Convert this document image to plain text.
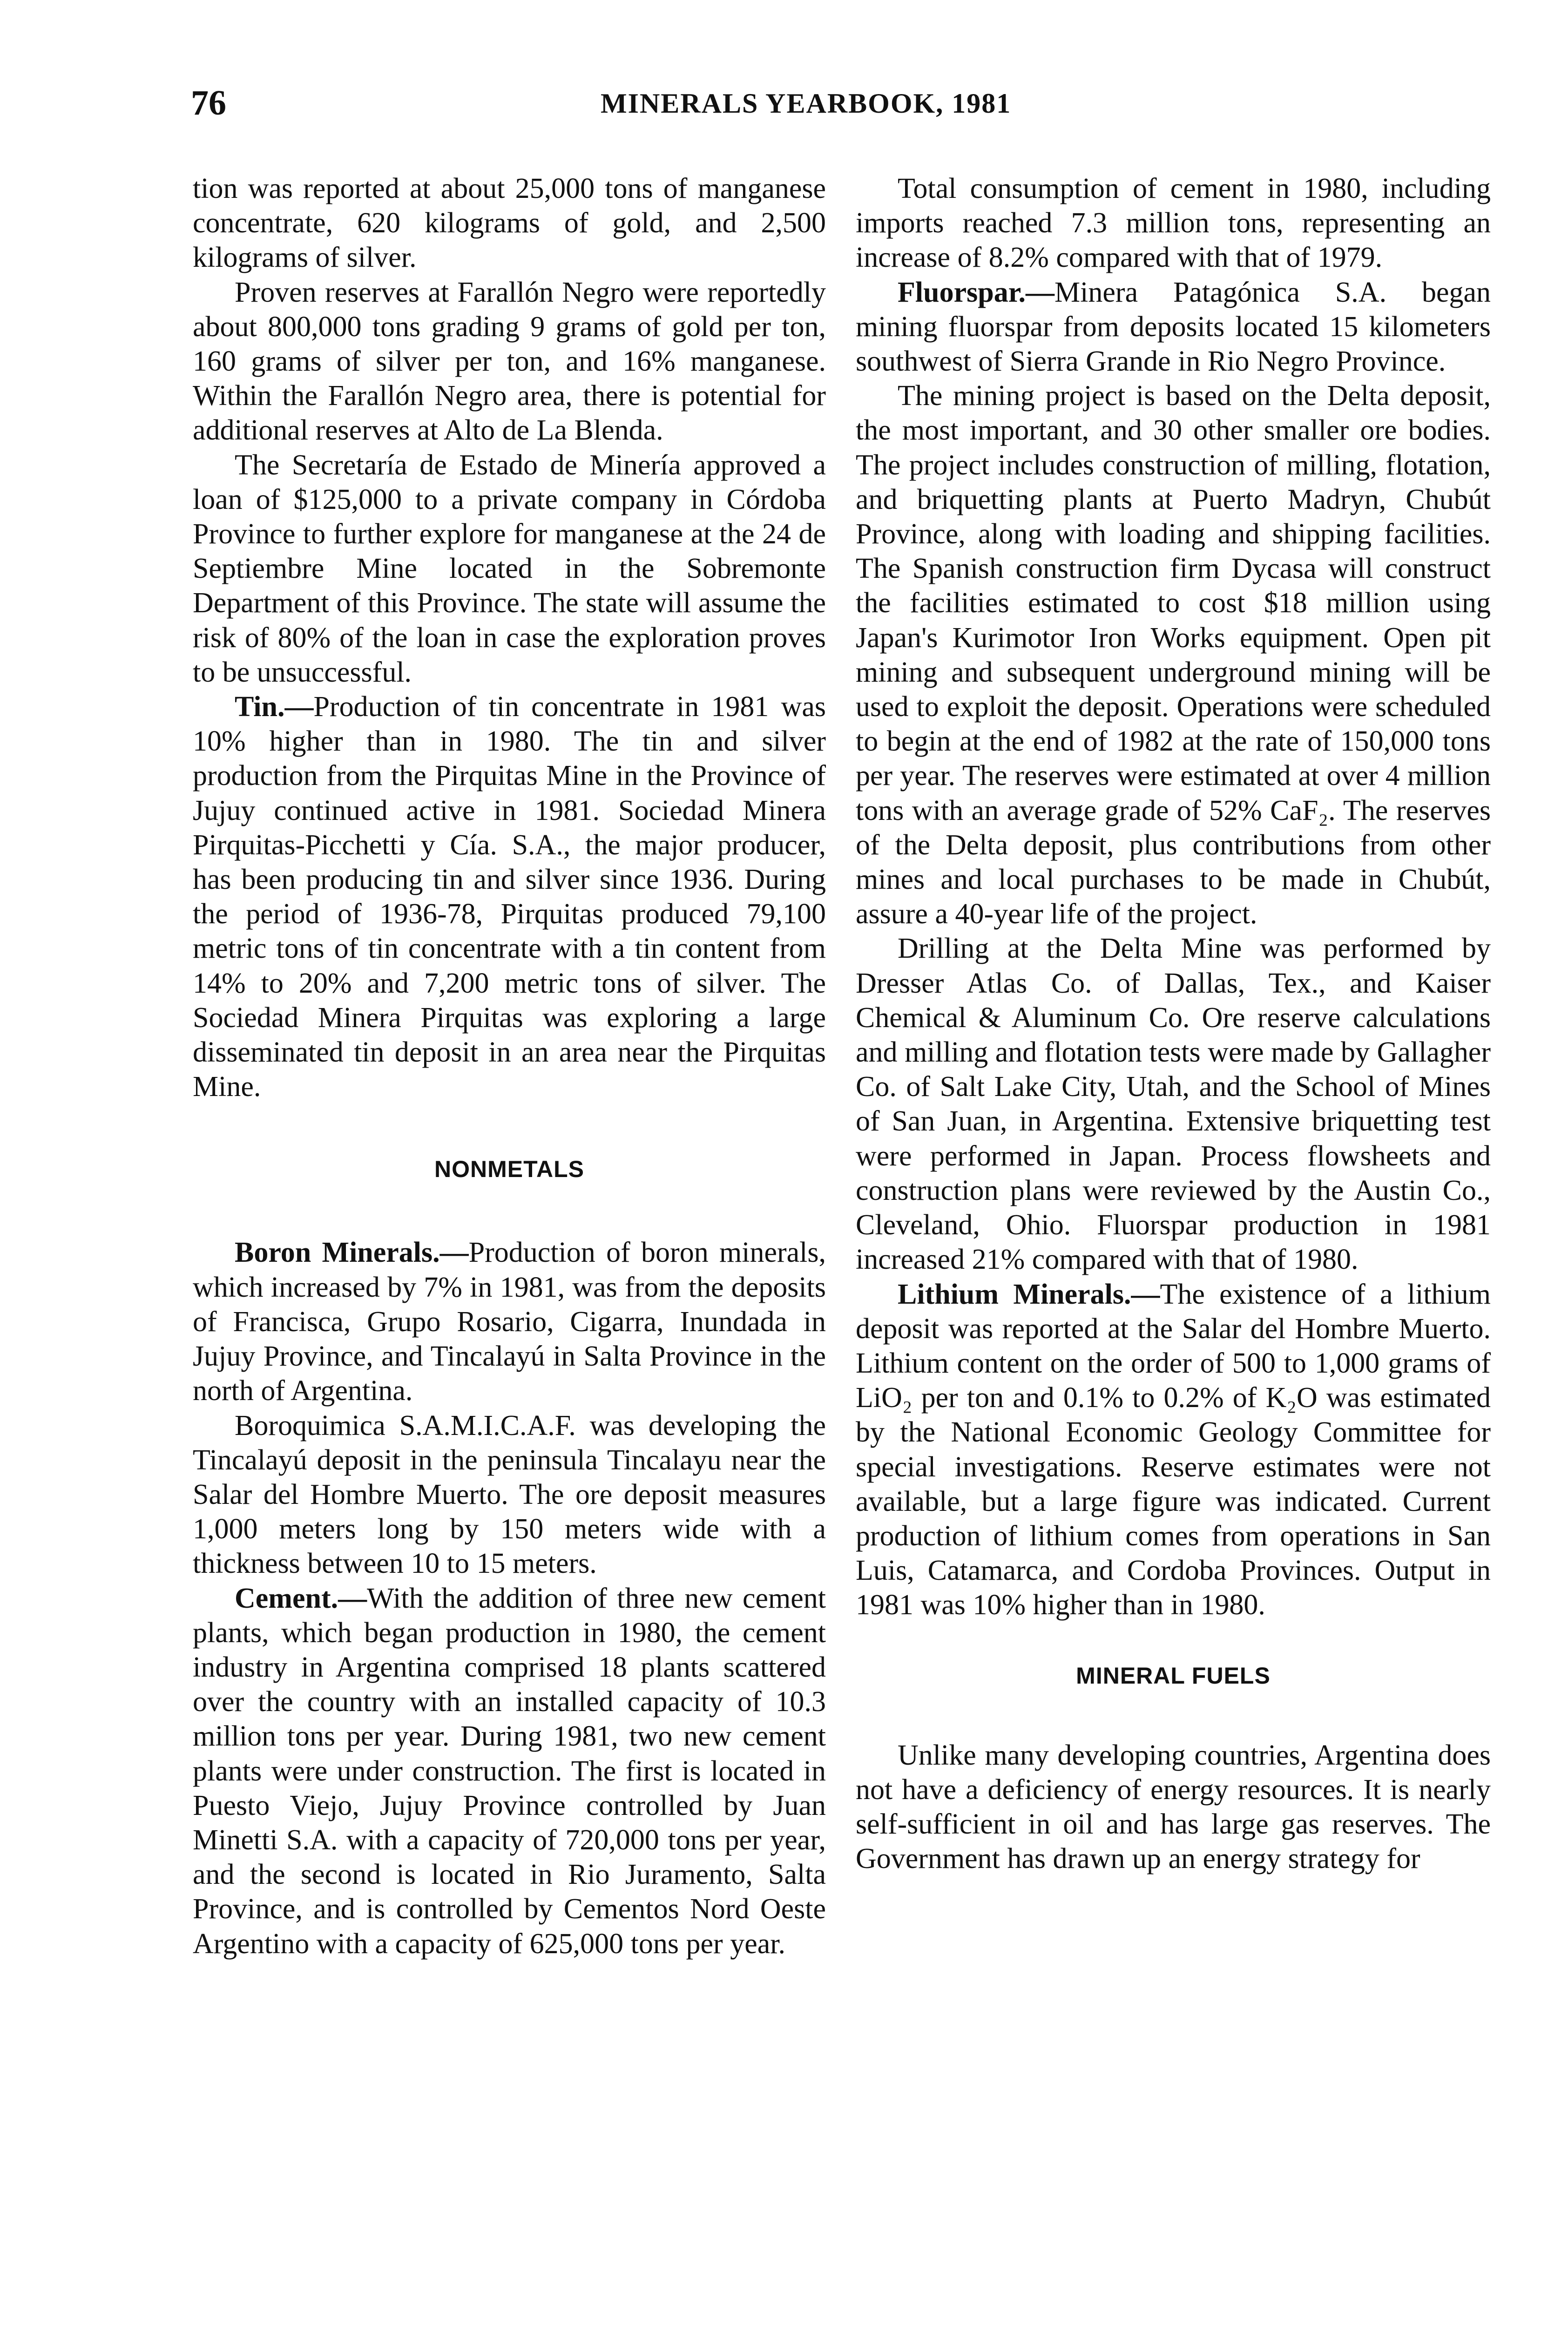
76	MINERALS YEARBOOK, 1981

tion was reported at about 25,000 tons of manganese concentrate, 620 kilograms of gold, and 2,500 kilograms of silver.

Proven reserves at Farallón Negro were reportedly about 800,000 tons grading 9 grams of gold per ton, 160 grams of silver per ton, and 16% manganese. Within the Farallón Negro area, there is potential for additional reserves at Alto de La Blenda.

The Secretaría de Estado de Minería approved a loan of $125,000 to a private company in Córdoba Province to further explore for manganese at the 24 de Septiembre Mine located in the Sobremonte Department of this Province. The state will assume the risk of 80% of the loan in case the exploration proves to be unsuccessful.

Tin.—Production of tin concentrate in 1981 was 10% higher than in 1980. The tin and silver production from the Pirquitas Mine in the Province of Jujuy continued active in 1981. Sociedad Minera Pirquitas-Picchetti y Cía. S.A., the major producer, has been producing tin and silver since 1936. During the period of 1936-78, Pirquitas produced 79,100 metric tons of tin concentrate with a tin content from 14% to 20% and 7,200 metric tons of silver. The Sociedad Minera Pirquitas was exploring a large disseminated tin deposit in an area near the Pirquitas Mine.

NONMETALS

Boron Minerals.—Production of boron minerals, which increased by 7% in 1981, was from the deposits of Francisca, Grupo Rosario, Cigarra, Inundada in Jujuy Province, and Tincalayú in Salta Province in the north of Argentina.

Boroquimica S.A.M.I.C.A.F. was developing the Tincalayú deposit in the peninsula Tincalayu near the Salar del Hombre Muerto. The ore deposit measures 1,000 meters long by 150 meters wide with a thickness between 10 to 15 meters.

Cement.—With the addition of three new cement plants, which began production in 1980, the cement industry in Argentina comprised 18 plants scattered over the country with an installed capacity of 10.3 million tons per year. During 1981, two new cement plants were under construction. The first is located in Puesto Viejo, Jujuy Province controlled by Juan Minetti S.A. with a capacity of 720,000 tons per year, and the second is located in Rio Juramento, Salta Province, and is controlled by Cementos Nord Oeste Argentino with a capacity of 625,000 tons per year.

Total consumption of cement in 1980, including imports reached 7.3 million tons, representing an increase of 8.2% compared with that of 1979.

Fluorspar.—Minera Patagónica S.A. began mining fluorspar from deposits located 15 kilometers southwest of Sierra Grande in Rio Negro Province.

The mining project is based on the Delta deposit, the most important, and 30 other smaller ore bodies. The project includes construction of milling, flotation, and briquetting plants at Puerto Madryn, Chubút Province, along with loading and shipping facilities. The Spanish construction firm Dycasa will construct the facilities estimated to cost $18 million using Japan's Kurimotor Iron Works equipment. Open pit mining and subsequent underground mining will be used to exploit the deposit. Operations were scheduled to begin at the end of 1982 at the rate of 150,000 tons per year. The reserves were estimated at over 4 million tons with an average grade of 52% CaF₂. The reserves of the Delta deposit, plus contributions from other mines and local purchases to be made in Chubút, assure a 40-year life of the project.

Drilling at the Delta Mine was performed by Dresser Atlas Co. of Dallas, Tex., and Kaiser Chemical & Aluminum Co. Ore reserve calculations and milling and flotation tests were made by Gallagher Co. of Salt Lake City, Utah, and the School of Mines of San Juan, in Argentina. Extensive briquetting test were performed in Japan. Process flowsheets and construction plans were reviewed by the Austin Co., Cleveland, Ohio. Fluorspar production in 1981 increased 21% compared with that of 1980.

Lithium Minerals.—The existence of a lithium deposit was reported at the Salar del Hombre Muerto. Lithium content on the order of 500 to 1,000 grams of LiO₂ per ton and 0.1% to 0.2% of K₂O was estimated by the National Economic Geology Committee for special investigations. Reserve estimates were not available, but a large figure was indicated. Current production of lithium comes from operations in San Luis, Catamarca, and Cordoba Provinces. Output in 1981 was 10% higher than in 1980.

MINERAL FUELS

Unlike many developing countries, Argentina does not have a deficiency of energy resources. It is nearly self-sufficient in oil and has large gas reserves. The Government has drawn up an energy strategy for
